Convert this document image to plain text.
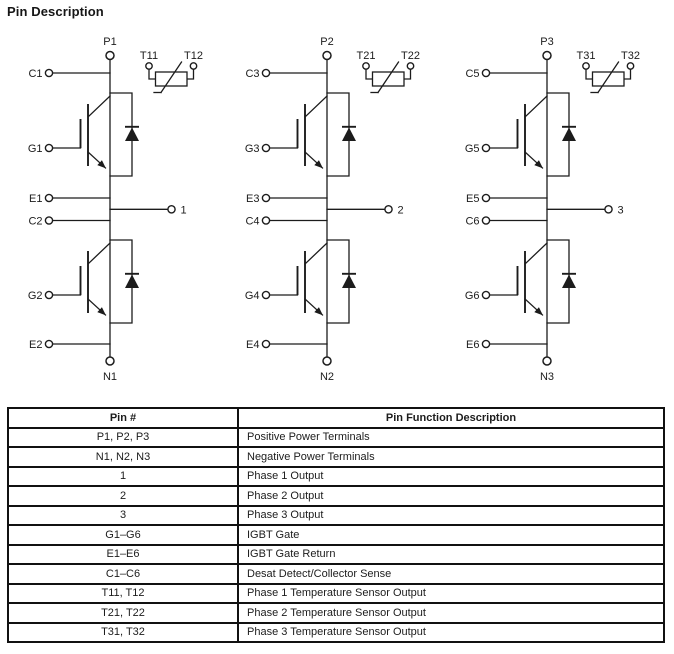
Pin Description
P1
N1
C1
G1
E1
C2
G2
E2
1
T11 T12
P2
N2
C3
G3
E3
C4
G4
E4
2
T21 T22
P3
N3
C5
G5
E5
C6
G6
E6
3
T31 T32
Pin #	Pin Function Description
P1, P2, P3	Positive Power Terminals
N1, N2, N3	Negative Power Terminals
1	Phase 1 Output
2	Phase 2 Output
3	Phase 3 Output
G1–G6	IGBT Gate
E1–E6	IGBT Gate Return
C1–C6	Desat Detect/Collector Sense
T11, T12	Phase 1 Temperature Sensor Output
T21, T22	Phase 2 Temperature Sensor Output
T31, T32	Phase 3 Temperature Sensor Output
